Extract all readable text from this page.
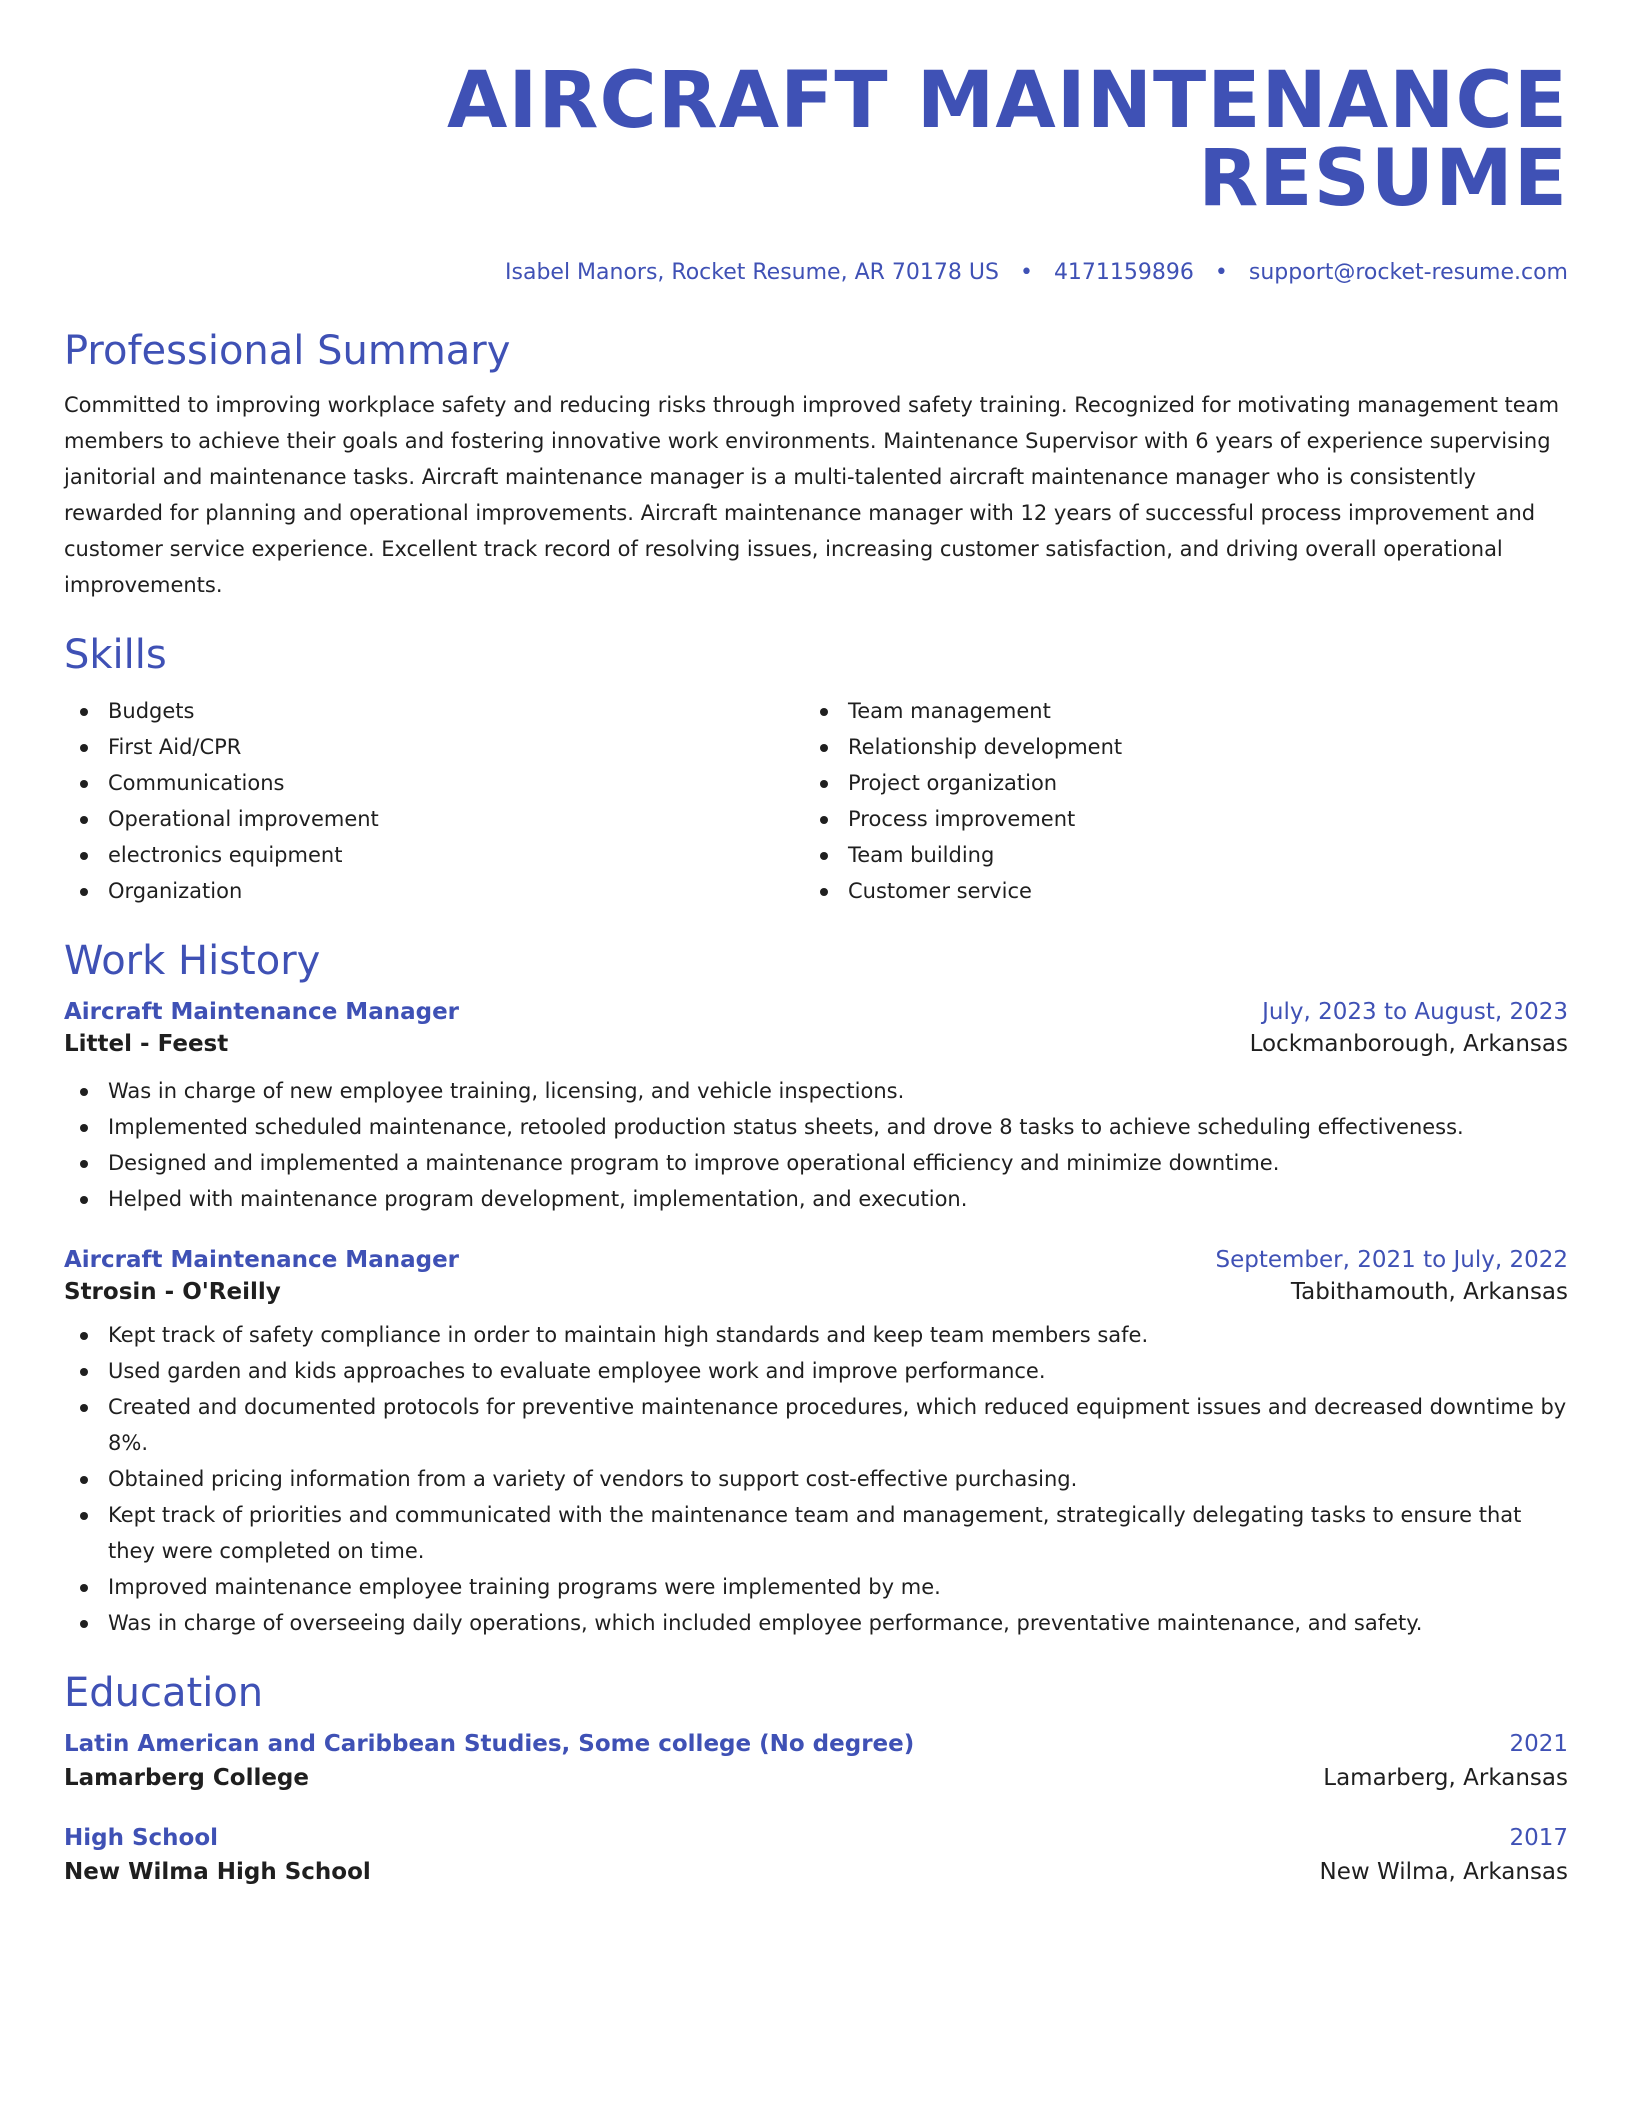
AIRCRAFT MAINTENANCE RESUME
Isabel Manors, Rocket Resume, AR 70178 US • 4171159896 • support@rocket-resume.com
Professional Summary

Committed to improving workplace safety and reducing risks through improved safety training. Recognized for motivating management team members to achieve their goals and fostering innovative work environments. Maintenance Supervisor with 6 years of experience supervising janitorial and maintenance tasks. Aircraft maintenance manager is a multi-talented aircraft maintenance manager who is consistently rewarded for planning and operational improvements. Aircraft maintenance manager with 12 years of successful process improvement and customer service experience. Excellent track record of resolving issues, increasing customer satisfaction, and driving overall operational improvements.

Skills
Budgets
First Aid/CPR
Communications
Operational improvement
electronics equipment
Organization
Team management
Relationship development
Project organization
Process improvement
Team building
Customer service
Work History
Aircraft Maintenance Manager	July, 2023 to August, 2023
Littel - Feest	Lockmanborough, Arkansas
Was in charge of new employee training, licensing, and vehicle inspections.
Implemented scheduled maintenance, retooled production status sheets, and drove 8 tasks to achieve scheduling effectiveness.
Designed and implemented a maintenance program to improve operational efficiency and minimize downtime.
Helped with maintenance program development, implementation, and execution.
Aircraft Maintenance Manager	September, 2021 to July, 2022
Strosin - O'Reilly	Tabithamouth, Arkansas
Kept track of safety compliance in order to maintain high standards and keep team members safe.
Used garden and kids approaches to evaluate employee work and improve performance.
Created and documented protocols for preventive maintenance procedures, which reduced equipment issues and decreased downtime by 8%.
Obtained pricing information from a variety of vendors to support cost-effective purchasing.
Kept track of priorities and communicated with the maintenance team and management, strategically delegating tasks to ensure that they were completed on time.
Improved maintenance employee training programs were implemented by me.
Was in charge of overseeing daily operations, which included employee performance, preventative maintenance, and safety.
Education
Latin American and Caribbean Studies, Some college (No degree)	2021
Lamarberg College	Lamarberg, Arkansas
High School	2017
New Wilma High School	New Wilma, Arkansas
